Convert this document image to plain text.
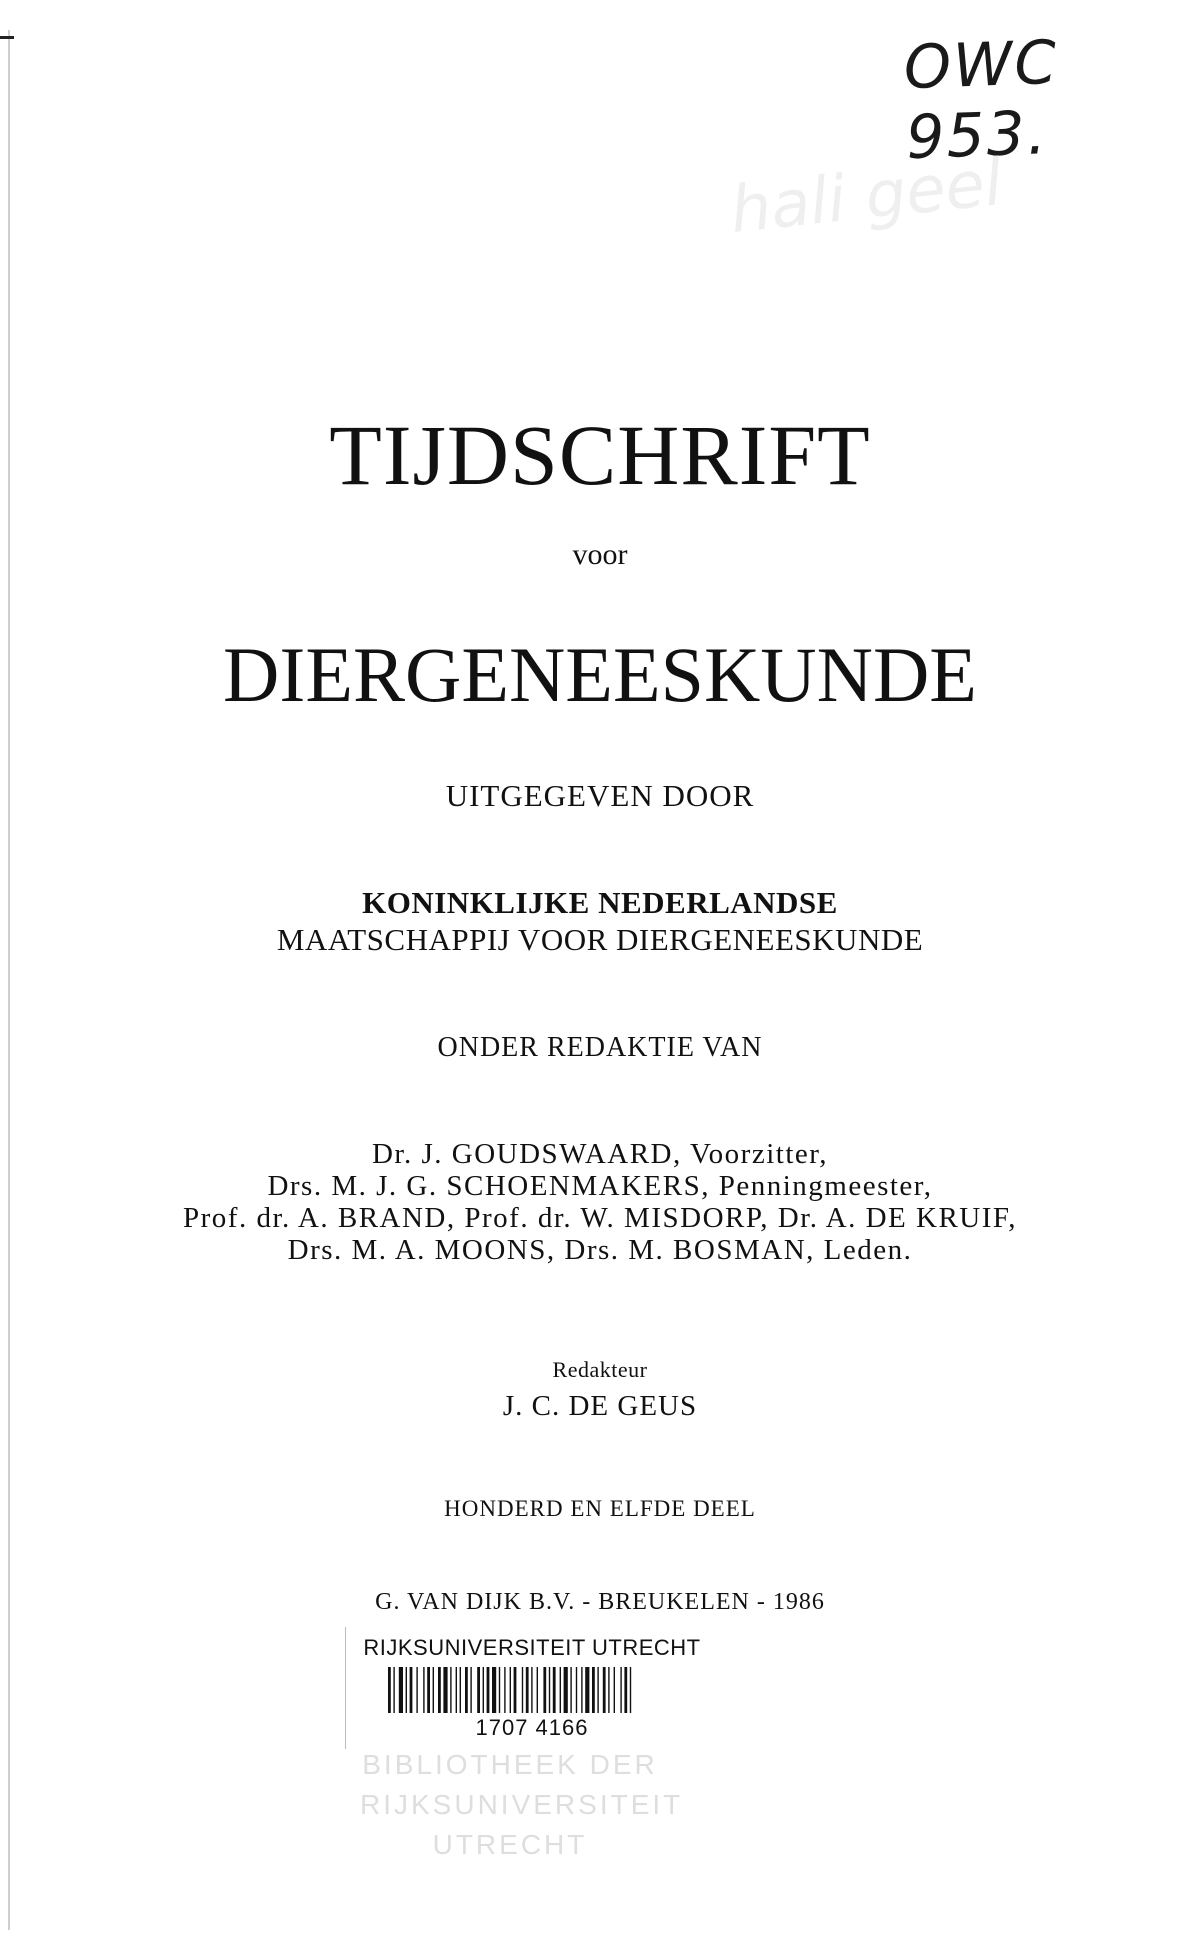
OWC 953.
hali geel
TIJDSCHRIFT
voor
DIERGENEESKUNDE
UITGEGEVEN DOOR
KONINKLIJKE NEDERLANDSE
MAATSCHAPPIJ VOOR DIERGENEESKUNDE
ONDER REDAKTIE VAN
Dr. J. GOUDSWAARD, Voorzitter,
Drs. M. J. G. SCHOENMAKERS, Penningmeester,
Prof. dr. A. BRAND, Prof. dr. W. MISDORP, Dr. A. DE KRUIF,
Drs. M. A. MOONS, Drs. M. BOSMAN, Leden.
Redakteur
J. C. DE GEUS
HONDERD EN ELFDE DEEL
G. VAN DIJK B.V. - BREUKELEN - 1986
RIJKSUNIVERSITEIT UTRECHT
1707 4166
BIBLIOTHEEK DER
RIJKSUNIVERSITEIT
UTRECHT
